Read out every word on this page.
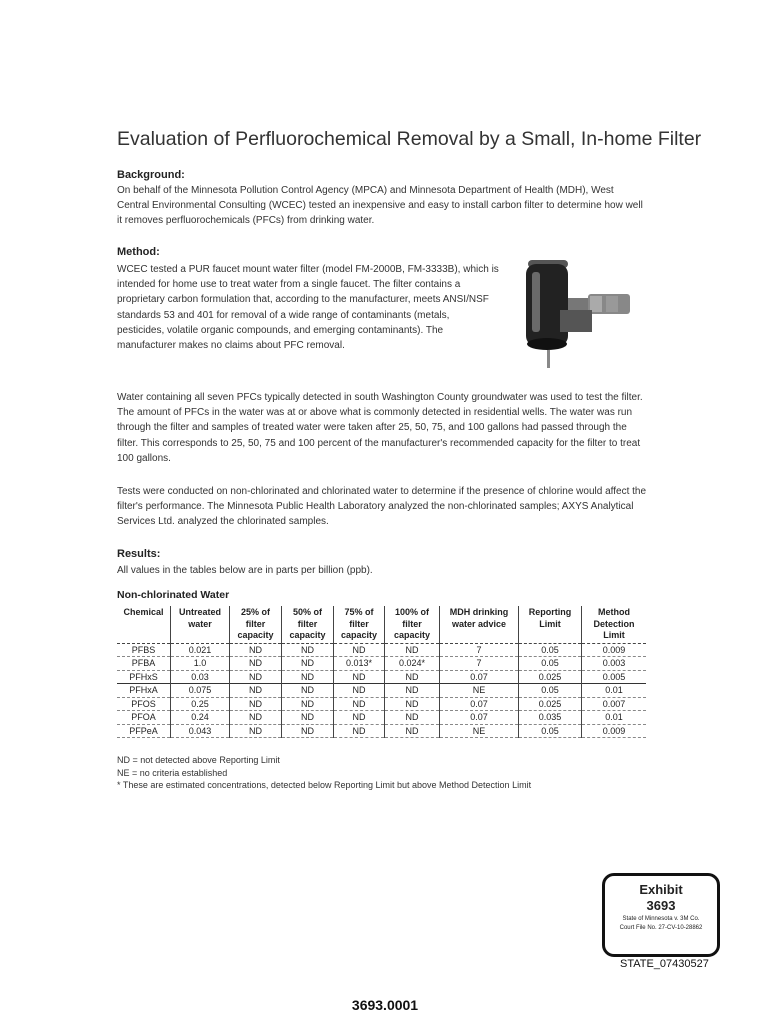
Evaluation of Perfluorochemical Removal by a Small, In-home Filter
Background:
On behalf of the Minnesota Pollution Control Agency (MPCA) and Minnesota Department of Health (MDH), West Central Environmental Consulting (WCEC) tested an inexpensive and easy to install carbon filter to determine how well it removes perfluorochemicals (PFCs) from drinking water.
Method:
WCEC tested a PUR faucet mount water filter (model FM-2000B, FM-3333B), which is intended for home use to treat water from a single faucet. The filter contains a proprietary carbon formulation that, according to the manufacturer, meets ANSI/NSF standards 53 and 401 for removal of a wide range of contaminants (metals, pesticides, volatile organic compounds, and emerging contaminants). The manufacturer makes no claims about PFC removal.
Water containing all seven PFCs typically detected in south Washington County groundwater was used to test the filter. The amount of PFCs in the water was at or above what is commonly detected in residential wells. The water was run through the filter and samples of treated water were taken after 25, 50, 75, and 100 gallons had passed through the filter. This corresponds to 25, 50, 75 and 100 percent of the manufacturer's recommended capacity for the filter to treat 100 gallons.
Tests were conducted on non-chlorinated and chlorinated water to determine if the presence of chlorine would affect the filter's performance. The Minnesota Public Health Laboratory analyzed the non-chlorinated samples; AXYS Analytical Services Ltd. analyzed the chlorinated samples.
Results:
All values in the tables below are in parts per billion (ppb).
Non-chlorinated Water
Chemical	Untreated water	25% of filter capacity	50% of filter capacity	75% of filter capacity	100% of filter capacity	MDH drinking water advice	Reporting Limit	Method Detection Limit
PFBS	0.021	ND	ND	ND	ND	7	0.05	0.009
PFBA	1.0	ND	ND	0.013*	0.024*	7	0.05	0.003
PFHxS	0.03	ND	ND	ND	ND	0.07	0.025	0.005
PFHxA	0.075	ND	ND	ND	ND	NE	0.05	0.01
PFOS	0.25	ND	ND	ND	ND	0.07	0.025	0.007
PFOA	0.24	ND	ND	ND	ND	0.07	0.035	0.01
PFPeA	0.043	ND	ND	ND	ND	NE	0.05	0.009
ND = not detected above Reporting Limit
NE = no criteria established
* These are estimated concentrations, detected below Reporting Limit but above Method Detection Limit
Exhibit
3693
State of Minnesota v. 3M Co.
Court File No. 27-CV-10-28862
STATE_07430527
3693.0001
